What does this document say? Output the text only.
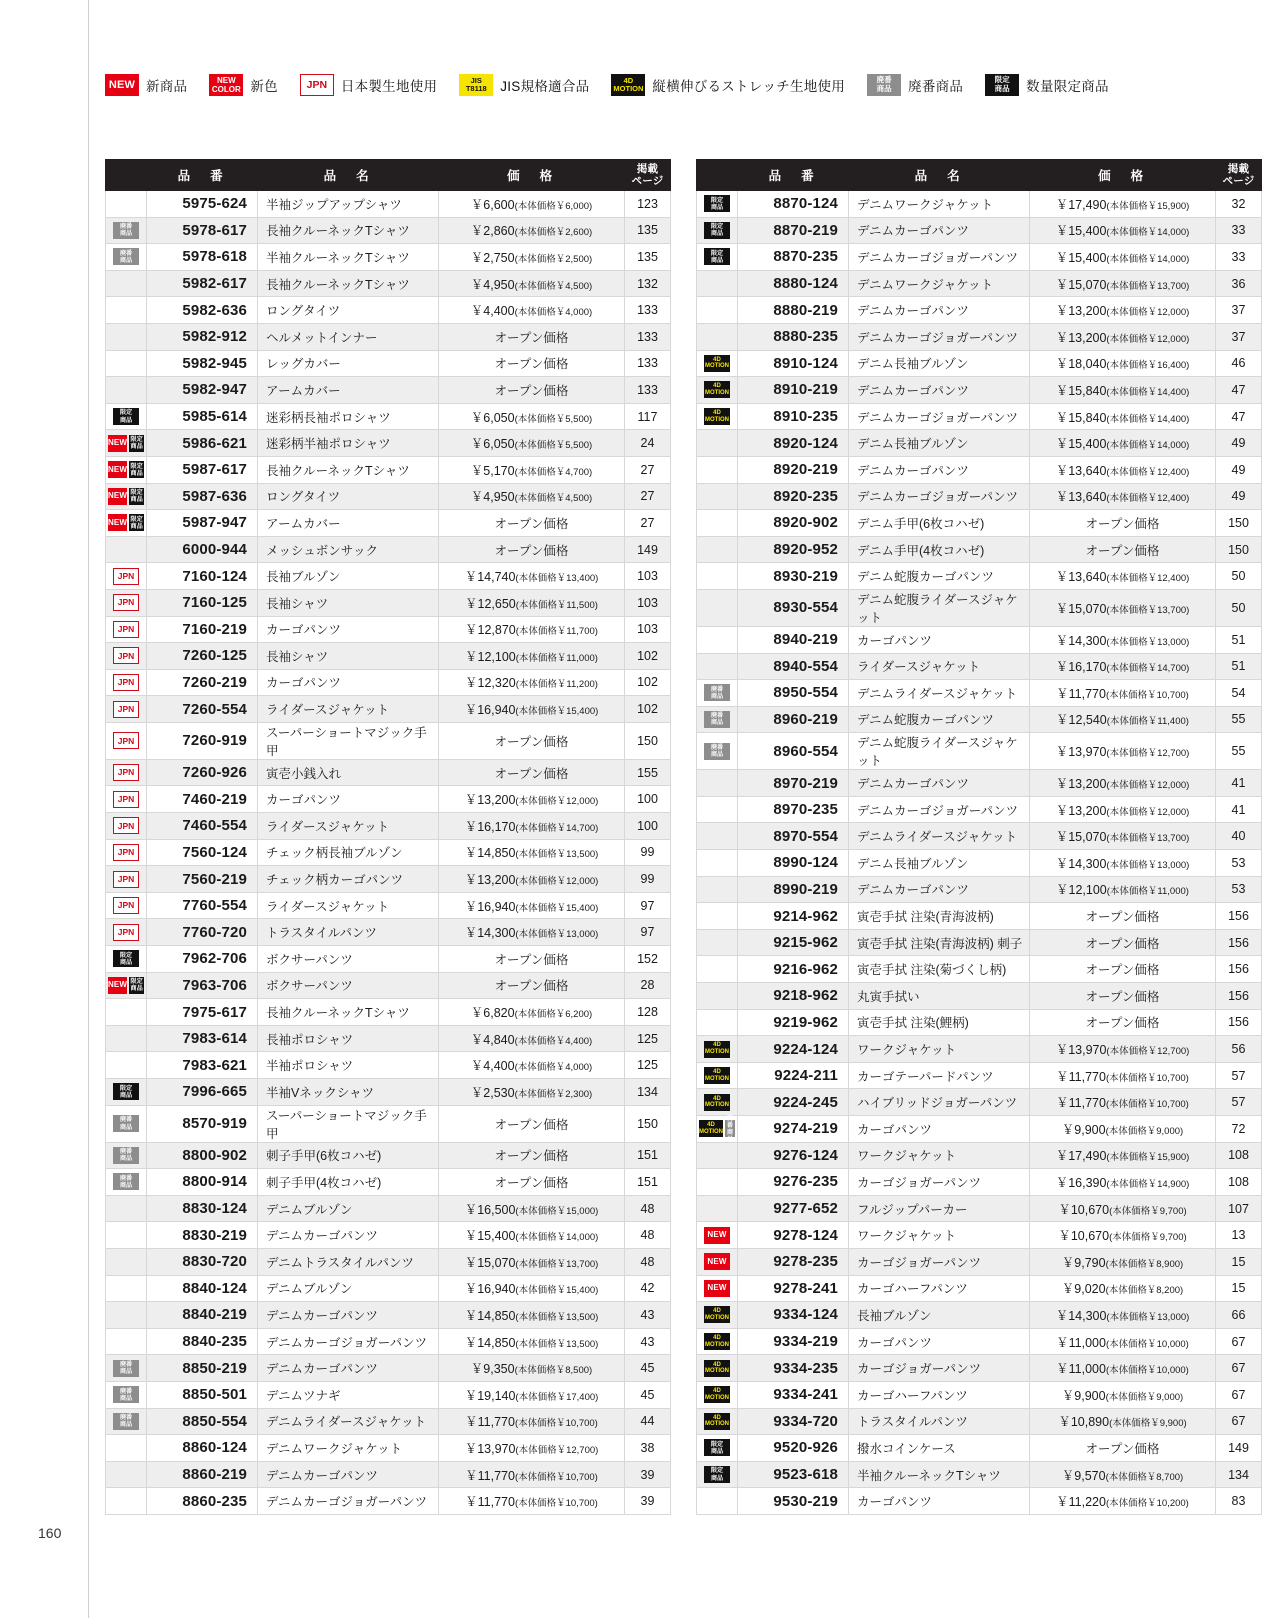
NEW 新商品	NEW
COLOR 新色	JPN	日本製生地使用	JIS
T8118 JIS規格適合品	4D
MOTION 縦横伸びるストレッチ生地使用	廃番
商品 廃番商品	限定
商品 数量限定商品
	品　番	品　名	価　格	掲載
ページ

	5975-624	半袖ジップアップシャツ	￥6,600(本体価格￥6,000)	123

廃番
商品	5978-617	長袖クルーネックTシャツ	￥2,860(本体価格￥2,600)	135

廃番
商品	5978-618	半袖クルーネックTシャツ	￥2,750(本体価格￥2,500)	135

	5982-617	長袖クルーネックTシャツ	￥4,950(本体価格￥4,500)	132

	5982-636	ロングタイツ	￥4,400(本体価格￥4,000)	133

	5982-912	ヘルメットインナー	オープン価格	133

	5982-945	レッグカバー	オープン価格	133

	5982-947	アームカバー	オープン価格	133

限定
商品	5985-614	迷彩柄長袖ポロシャツ	￥6,050(本体価格￥5,500)	117

NEW 限定
商品	5986-621	迷彩柄半袖ポロシャツ	￥6,050(本体価格￥5,500)	24

NEW 限定
商品	5987-617	長袖クルーネックTシャツ	￥5,170(本体価格￥4,700)	27

NEW 限定
商品	5987-636	ロングタイツ	￥4,950(本体価格￥4,500)	27

NEW 限定
商品	5987-947	アームカバー	オープン価格	27

	6000-944	メッシュボンサック	オープン価格	149

JPN	7160-124	長袖ブルゾン	￥14,740(本体価格￥13,400)	103

JPN	7160-125	長袖シャツ	￥12,650(本体価格￥11,500)	103

JPN	7160-219	カーゴパンツ	￥12,870(本体価格￥11,700)	103

JPN	7260-125	長袖シャツ	￥12,100(本体価格￥11,000)	102

JPN	7260-219	カーゴパンツ	￥12,320(本体価格￥11,200)	102

JPN	7260-554	ライダースジャケット	￥16,940(本体価格￥15,400)	102

JPN	7260-919	スーパーショートマジック手甲	オープン価格	150

JPN	7260-926	寅壱小銭入れ	オープン価格	155

JPN	7460-219	カーゴパンツ	￥13,200(本体価格￥12,000)	100

JPN	7460-554	ライダースジャケット	￥16,170(本体価格￥14,700)	100

JPN	7560-124	チェック柄長袖ブルゾン	￥14,850(本体価格￥13,500)	99

JPN	7560-219	チェック柄カーゴパンツ	￥13,200(本体価格￥12,000)	99

JPN	7760-554	ライダースジャケット	￥16,940(本体価格￥15,400)	97

JPN	7760-720	トラスタイルパンツ	￥14,300(本体価格￥13,000)	97

限定
商品	7962-706	ボクサーパンツ	オープン価格	152

NEW 限定
商品	7963-706	ボクサーパンツ	オープン価格	28

	7975-617	長袖クルーネックTシャツ	￥6,820(本体価格￥6,200)	128

	7983-614	長袖ポロシャツ	￥4,840(本体価格￥4,400)	125

	7983-621	半袖ポロシャツ	￥4,400(本体価格￥4,000)	125

限定
商品	7996-665	半袖Vネックシャツ	￥2,530(本体価格￥2,300)	134

廃番
商品	8570-919	スーパーショートマジック手甲	オープン価格	150

廃番
商品	8800-902	刺子手甲(6枚コハゼ)	オープン価格	151

廃番
商品	8800-914	刺子手甲(4枚コハゼ)	オープン価格	151

	8830-124	デニムブルゾン	￥16,500(本体価格￥15,000)	48

	8830-219	デニムカーゴパンツ	￥15,400(本体価格￥14,000)	48

	8830-720	デニムトラスタイルパンツ	￥15,070(本体価格￥13,700)	48

	8840-124	デニムブルゾン	￥16,940(本体価格￥15,400)	42

	8840-219	デニムカーゴパンツ	￥14,850(本体価格￥13,500)	43

	8840-235	デニムカーゴジョガーパンツ	￥14,850(本体価格￥13,500)	43

廃番
商品	8850-219	デニムカーゴパンツ	￥9,350(本体価格￥8,500)	45

廃番
商品	8850-501	デニムツナギ	￥19,140(本体価格￥17,400)	45

廃番
商品	8850-554	デニムライダースジャケット	￥11,770(本体価格￥10,700)	44

	8860-124	デニムワークジャケット	￥13,970(本体価格￥12,700)	38

	8860-219	デニムカーゴパンツ	￥11,770(本体価格￥10,700)	39

	8860-235	デニムカーゴジョガーパンツ	￥11,770(本体価格￥10,700)	39
	品　番	品　名	価　格	掲載
ページ

限定
商品	8870-124	デニムワークジャケット	￥17,490(本体価格￥15,900)	32

限定
商品	8870-219	デニムカーゴパンツ	￥15,400(本体価格￥14,000)	33

限定
商品	8870-235	デニムカーゴジョガーパンツ	￥15,400(本体価格￥14,000)	33

	8880-124	デニムワークジャケット	￥15,070(本体価格￥13,700)	36

	8880-219	デニムカーゴパンツ	￥13,200(本体価格￥12,000)	37

	8880-235	デニムカーゴジョガーパンツ	￥13,200(本体価格￥12,000)	37

4D
MOTION	8910-124	デニム長袖ブルゾン	￥18,040(本体価格￥16,400)	46

4D
MOTION	8910-219	デニムカーゴパンツ	￥15,840(本体価格￥14,400)	47

4D
MOTION	8910-235	デニムカーゴジョガーパンツ	￥15,840(本体価格￥14,400)	47

	8920-124	デニム長袖ブルゾン	￥15,400(本体価格￥14,000)	49

	8920-219	デニムカーゴパンツ	￥13,640(本体価格￥12,400)	49

	8920-235	デニムカーゴジョガーパンツ	￥13,640(本体価格￥12,400)	49

	8920-902	デニム手甲(6枚コハゼ)	オープン価格	150

	8920-952	デニム手甲(4枚コハゼ)	オープン価格	150

	8930-219	デニム蛇腹カーゴパンツ	￥13,640(本体価格￥12,400)	50

	8930-554	デニム蛇腹ライダースジャケット	￥15,070(本体価格￥13,700)	50

	8940-219	カーゴパンツ	￥14,300(本体価格￥13,000)	51

	8940-554	ライダースジャケット	￥16,170(本体価格￥14,700)	51

廃番
商品	8950-554	デニムライダースジャケット	￥11,770(本体価格￥10,700)	54

廃番
商品	8960-219	デニム蛇腹カーゴパンツ	￥12,540(本体価格￥11,400)	55

廃番
商品	8960-554	デニム蛇腹ライダースジャケット	￥13,970(本体価格￥12,700)	55

	8970-219	デニムカーゴパンツ	￥13,200(本体価格￥12,000)	41

	8970-235	デニムカーゴジョガーパンツ	￥13,200(本体価格￥12,000)	41

	8970-554	デニムライダースジャケット	￥15,070(本体価格￥13,700)	40

	8990-124	デニム長袖ブルゾン	￥14,300(本体価格￥13,000)	53

	8990-219	デニムカーゴパンツ	￥12,100(本体価格￥11,000)	53

	9214-962	寅壱手拭 注染(青海波柄)	オープン価格	156

	9215-962	寅壱手拭 注染(青海波柄) 刺子	オープン価格	156

	9216-962	寅壱手拭 注染(菊づくし柄)	オープン価格	156

	9218-962	丸寅手拭い	オープン価格	156

	9219-962	寅壱手拭 注染(鯉柄)	オープン価格	156

4D
MOTION	9224-124	ワークジャケット	￥13,970(本体価格￥12,700)	56

4D
MOTION	9224-211	カーゴテーパードパンツ	￥11,770(本体価格￥10,700)	57

4D
MOTION	9224-245	ハイブリッドジョガーパンツ	￥11,770(本体価格￥10,700)	57

4D
MOTION
廃番
商品	9274-219	カーゴパンツ	￥9,900(本体価格￥9,000)	72

	9276-124	ワークジャケット	￥17,490(本体価格￥15,900)	108

	9276-235	カーゴジョガーパンツ	￥16,390(本体価格￥14,900)	108

	9277-652	フルジップパーカー	￥10,670(本体価格￥9,700)	107

NEW	9278-124	ワークジャケット	￥10,670(本体価格￥9,700)	13

NEW	9278-235	カーゴジョガーパンツ	￥9,790(本体価格￥8,900)	15

NEW	9278-241	カーゴハーフパンツ	￥9,020(本体価格￥8,200)	15

4D
MOTION	9334-124	長袖ブルゾン	￥14,300(本体価格￥13,000)	66

4D
MOTION	9334-219	カーゴパンツ	￥11,000(本体価格￥10,000)	67

4D
MOTION	9334-235	カーゴジョガーパンツ	￥11,000(本体価格￥10,000)	67

4D
MOTION	9334-241	カーゴハーフパンツ	￥9,900(本体価格￥9,000)	67

4D
MOTION	9334-720	トラスタイルパンツ	￥10,890(本体価格￥9,900)	67

限定
商品	9520-926	撥水コインケース	オープン価格	149

限定
商品	9523-618	半袖クルーネックTシャツ	￥9,570(本体価格￥8,700)	134

	9530-219	カーゴパンツ	￥11,220(本体価格￥10,200)	83
160
